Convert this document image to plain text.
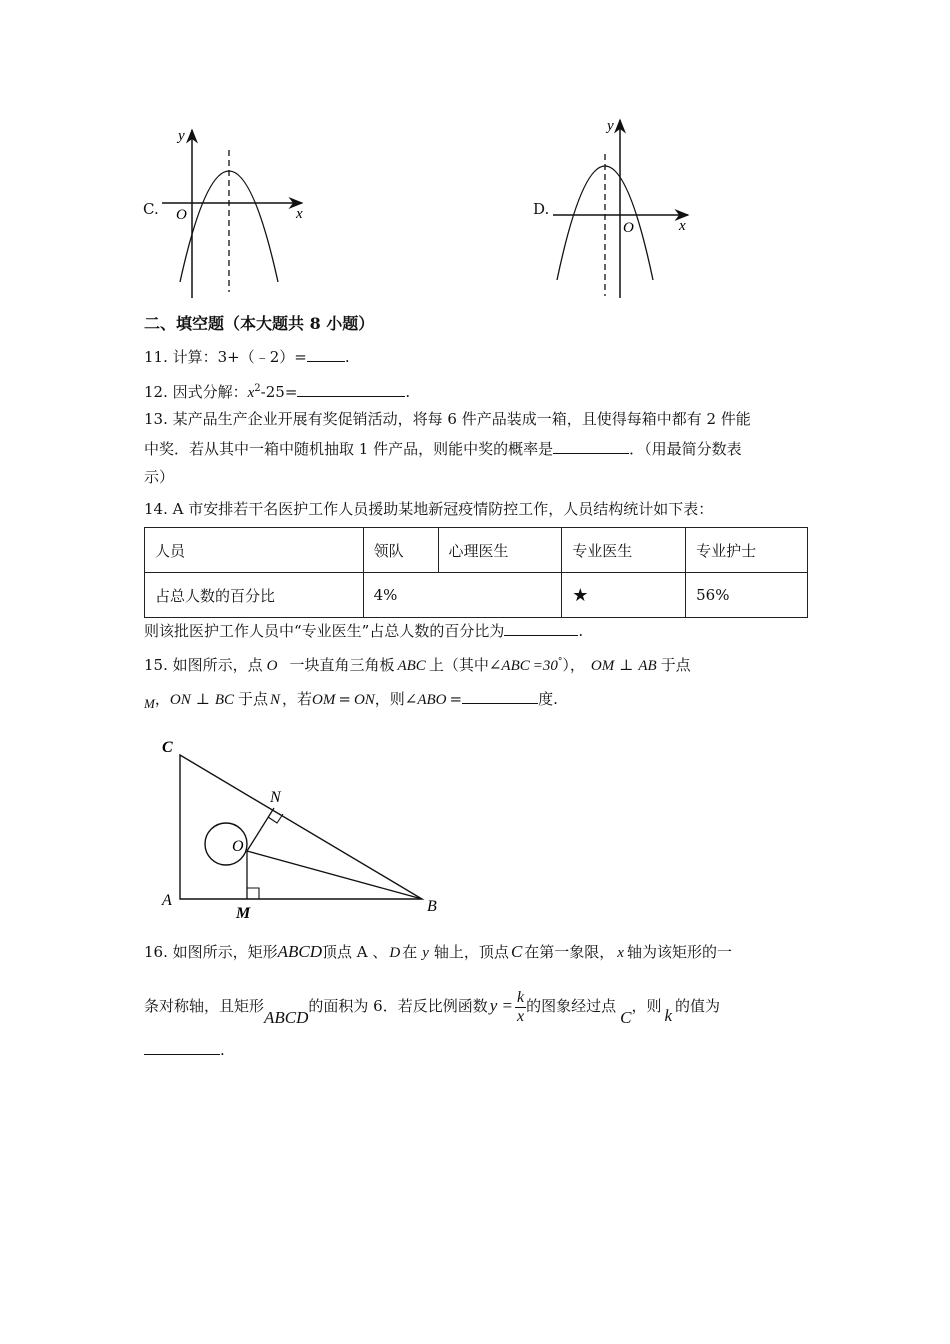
C.
y
x
O	D.
y
x
O
二、填空题（本大题共 8 小题）
11. 计算：3+（﹣2）=	.
12. 因式分解：$x^2-25=$	.
13. 某产品生产企业开展有奖促销活动，将每 6 件产品装成一箱，且使得每箱中都有 2 件能
中奖．若从其中一箱中随机抽取 1 件产品，则能中奖的概率是	．（用最简分数表
示）
14. A 市安排若干名医护工作人员援助某地新冠疫情防控工作，人员结构统计如下表：
人员	领队	心理医生	专业医生	专业护士
占总人数的百分比	4%		★	56%
则该批医护工作人员中“专业医生”占总人数的百分比为	.
15. 如图所示，点 O 一块直角三角板 ABC 上（其中∠ABC =30°）， OM ⊥ AB 于点
M，ON ⊥ BC 于点 N ，若OM = ON，则∠ABO =	度.
C
N
O
A
M	B
16. 如图所示，矩形ABCD顶点 A 、 D 在 y 轴上，顶点 C 在第一象限， x 轴为该矩形的一
条对称轴，且矩形ABCD的面积为 6．若反比例函数 $y = \frac{k}{x}$ 的图象经过点C，则 k 的值为
.
